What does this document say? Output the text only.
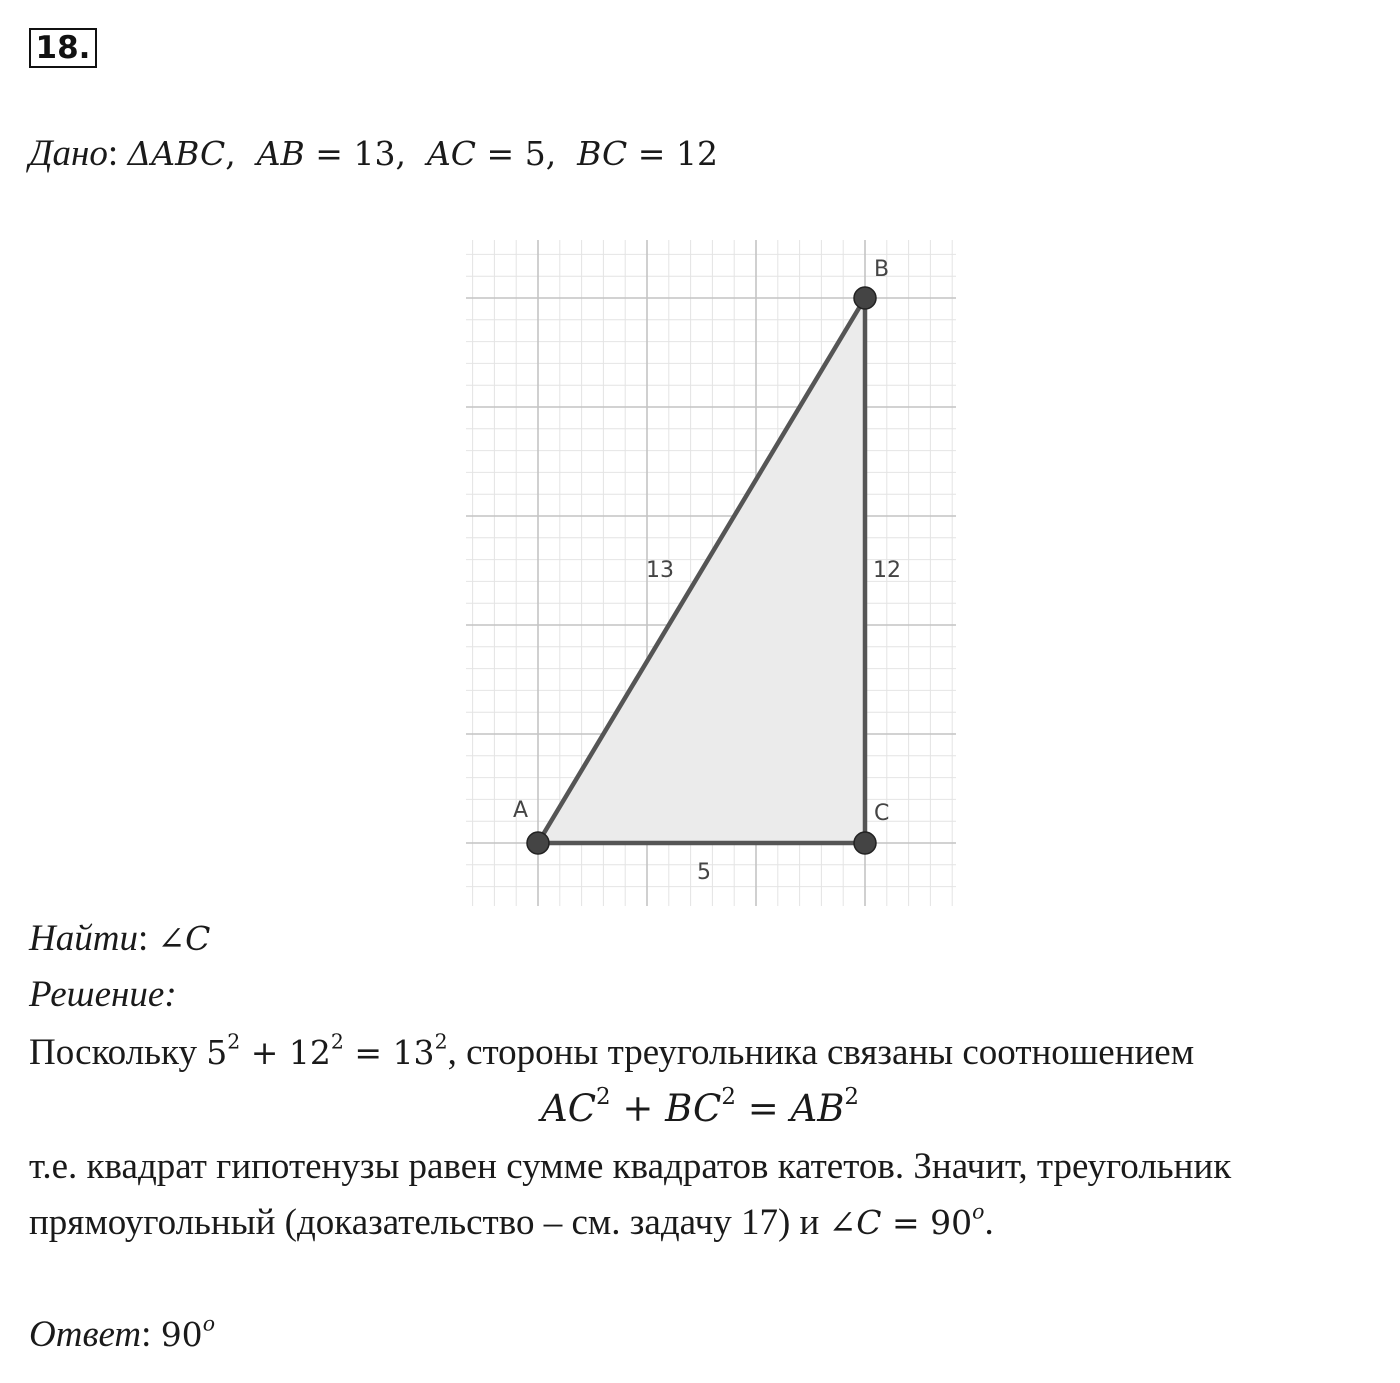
18.
Дано: ΔABC, AB = 13, AC = 5, BC = 12
A
B
C
13	12
5
Найти: ∠C
Решение:
Поскольку $5^2 + 12^2 = 13^2$, стороны треугольника связаны соотношением
$AC^2 + BC^2 = AB^2$
т.е. квадрат гипотенузы равен сумме квадратов катетов. Значит, треугольник
прямоугольный (доказательство – см. задачу 17) и ∠C = $90^o$.
Ответ: 90$^o$
